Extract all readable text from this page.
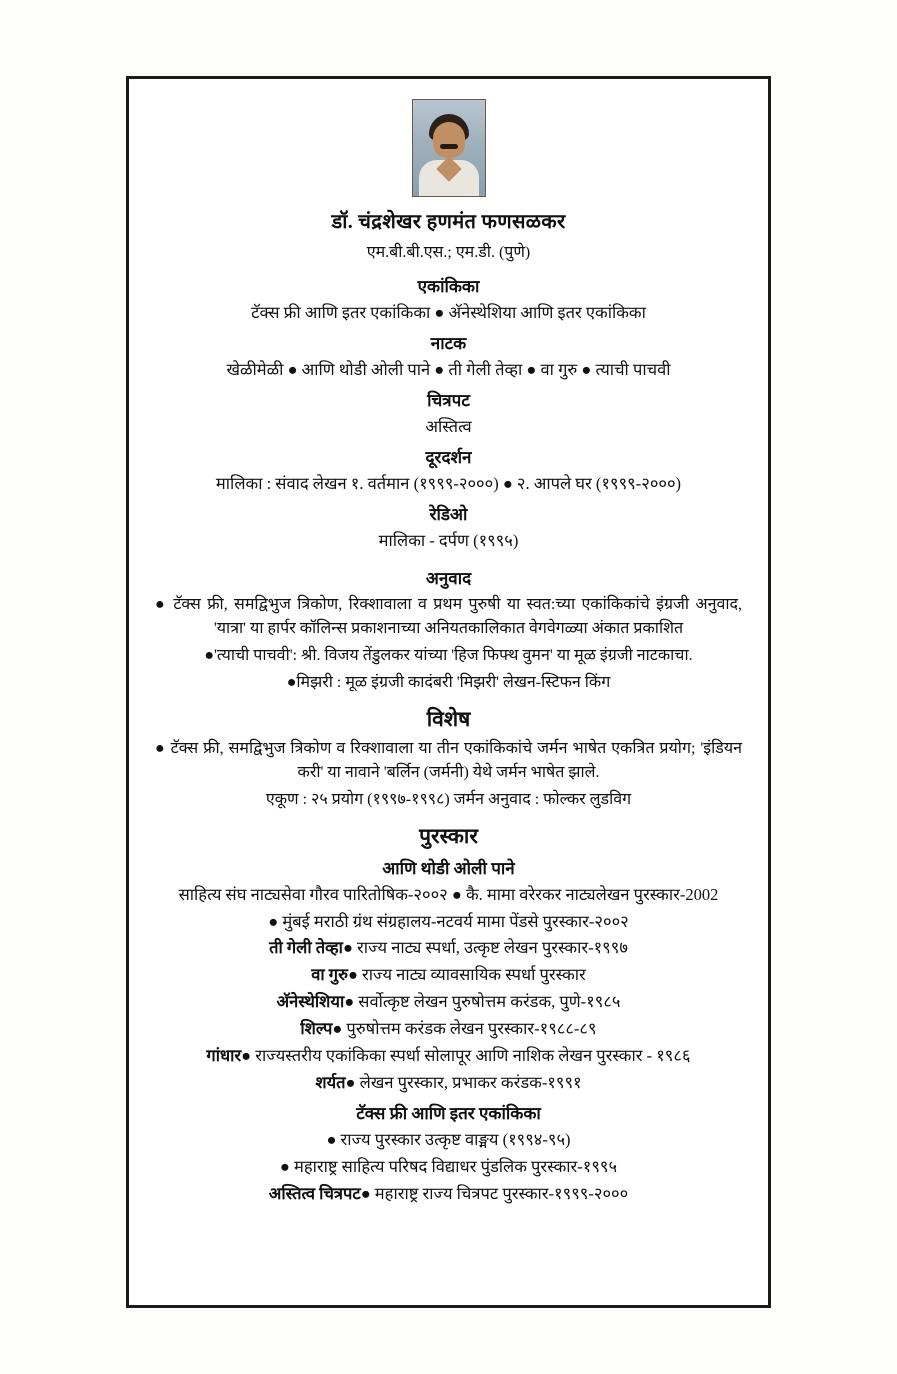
डॉ. चंद्रशेखर हणमंत फणसळकर
एम.बी.बी.एस.; एम.डी. (पुणे)
एकांकिका
टॅक्स फ्री आणि इतर एकांकिका ● अ‍ॅनेस्थेशिया आणि इतर एकांकिका
नाटक
खेळीमेळी ● आणि थोडी ओली पाने ● ती गेली तेव्हा ● वा गुरु ● त्याची पाचवी
चित्रपट
अस्तित्व
दूरदर्शन
मालिका : संवाद लेखन १. वर्तमान (१९९९-२०००) ● २. आपले घर (१९९९-२०००)
रेडिओ
मालिका - दर्पण (१९९५)
अनुवाद
● टॅक्स फ्री, समद्विभुज त्रिकोण, रिक्शावाला व प्रथम पुरुषी या स्वत:च्या एकांकिकांचे इंग्रजी अनुवाद, 'यात्रा' या हार्पर कॉलिन्स प्रकाशनाच्या अनियतकालिकात वेगवेगळ्या अंकात प्रकाशित
●'त्याची पाचवी': श्री. विजय तेंडुलकर यांच्या 'हिज फिफ्थ वुमन' या मूळ इंग्रजी नाटकाचा.
●मिझरी : मूळ इंग्रजी कादंबरी 'मिझरी' लेखन-स्टिफन किंग
विशेष
● टॅक्स फ्री, समद्विभुज त्रिकोण व रिक्शावाला या तीन एकांकिकांचे जर्मन भाषेत एकत्रित प्रयोग; 'इंडियन करी' या नावाने 'बर्लिन (जर्मनी) येथे जर्मन भाषेत झाले.
एकूण : २५ प्रयोग (१९९७-१९९८) जर्मन अनुवाद : फोल्कर लुडविग
पुरस्कार
आणि थोडी ओली पाने
साहित्य संघ नाट्यसेवा गौरव पारितोषिक-२००२ ● कै. मामा वरेरकर नाट्यलेखन पुरस्कार-2002
● मुंबई मराठी ग्रंथ संग्रहालय-नटवर्य मामा पेंडसे पुरस्कार-२००२
ती गेली तेव्हा● राज्य नाट्य स्पर्धा, उत्कृष्ट लेखन पुरस्कार-१९९७
वा गुरु● राज्य नाट्य व्यावसायिक स्पर्धा पुरस्कार
अ‍ॅनेस्थेशिया● सर्वोत्कृष्ट लेखन पुरुषोत्तम करंडक, पुणे-१९८५
शिल्प● पुरुषोत्तम करंडक लेखन पुरस्कार-१९८८-८९
गांधार● राज्यस्तरीय एकांकिका स्पर्धा सोलापूर आणि नाशिक लेखन पुरस्कार - १९८६
शर्यत● लेखन पुरस्कार, प्रभाकर करंडक-१९९१
टॅक्स फ्री आणि इतर एकांकिका
● राज्य पुरस्कार उत्कृष्ट वाङ्मय (१९९४-९५)
● महाराष्ट्र साहित्य परिषद विद्याधर पुंडलिक पुरस्कार-१९९५
अस्तित्व चित्रपट● महाराष्ट्र राज्य चित्रपट पुरस्कार-१९९९-२०००
